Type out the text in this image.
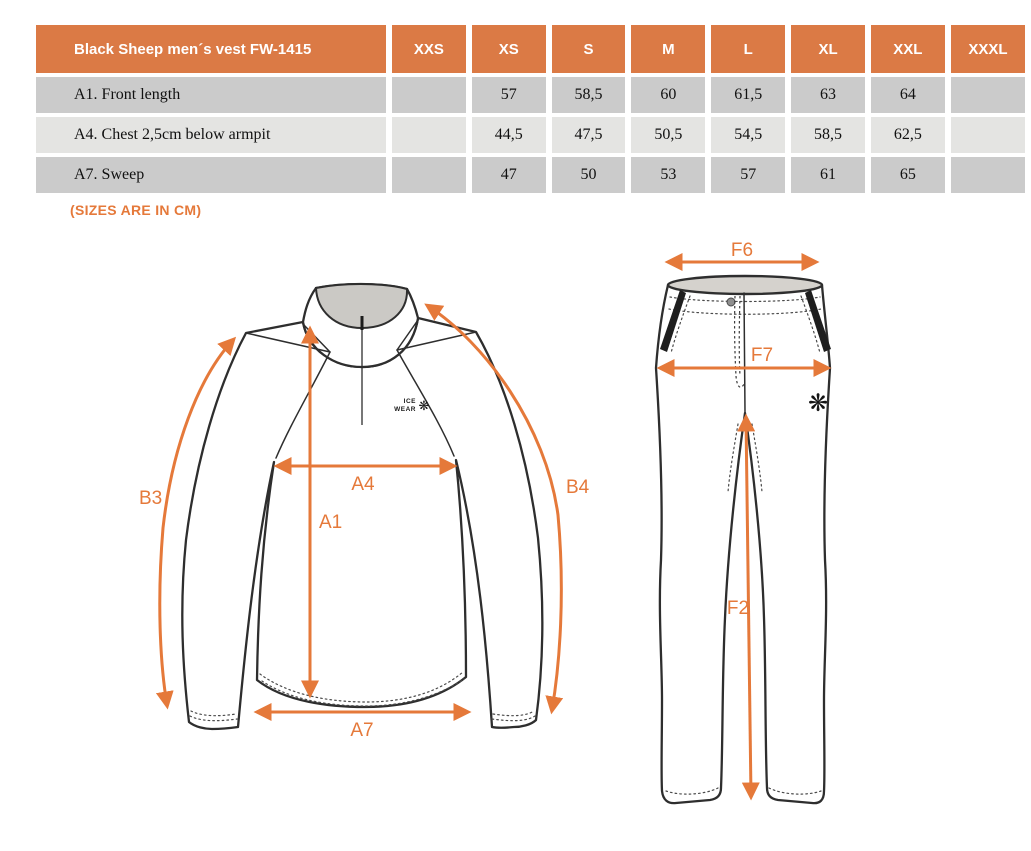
Black Sheep men´s vest FW-1415	XXS	XS	S	M	L	XL	XXL	XXXL
A1. Front length		57	58,5	60	61,5	63	64	
A4. Chest 2,5cm below armpit		44,5	47,5	50,5	54,5	58,5	62,5	
A7. Sweep		47	50	53	57	61	65	
(SIZES ARE IN CM)
ICE
WEAR ❋
B3
B4
A4
A1
A7
❋
F6
F7
F2
